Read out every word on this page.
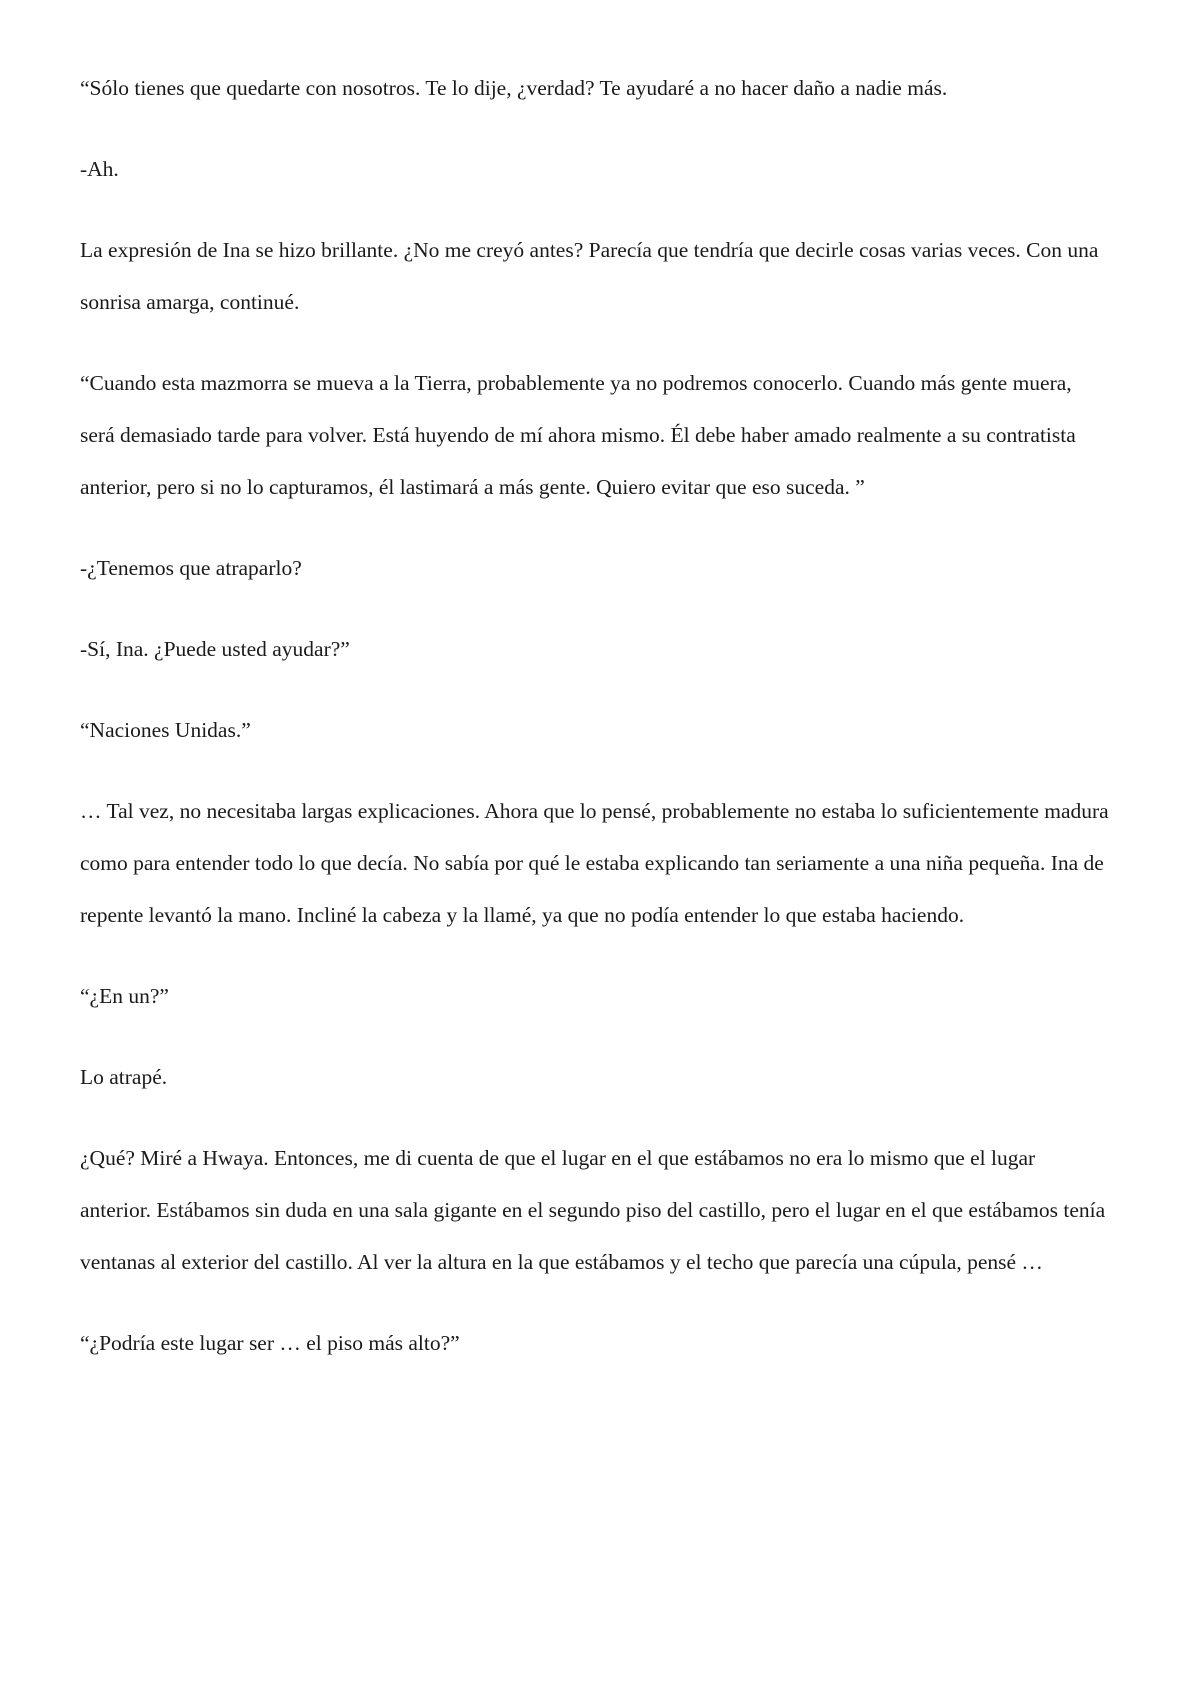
“Sólo tienes que quedarte con nosotros. Te lo dije, ¿verdad? Te ayudaré a no hacer daño a nadie más.

-Ah.

La expresión de Ina se hizo brillante. ¿No me creyó antes? Parecía que tendría que decirle cosas varias veces. Con una sonrisa amarga, continué.

“Cuando esta mazmorra se mueva a la Tierra, probablemente ya no podremos conocerlo. Cuando más gente muera, será demasiado tarde para volver. Está huyendo de mí ahora mismo. Él debe haber amado realmente a su contratista anterior, pero si no lo capturamos, él lastimará a más gente. Quiero evitar que eso suceda. ”

-¿Tenemos que atraparlo?

-Sí, Ina. ¿Puede usted ayudar?”

“Naciones Unidas.”

… Tal vez, no necesitaba largas explicaciones. Ahora que lo pensé, probablemente no estaba lo suficientemente madura como para entender todo lo que decía. No sabía por qué le estaba explicando tan seriamente a una niña pequeña. Ina de repente levantó la mano. Incliné la cabeza y la llamé, ya que no podía entender lo que estaba haciendo.

“¿En un?”

Lo atrapé.

¿Qué? Miré a Hwaya. Entonces, me di cuenta de que el lugar en el que estábamos no era lo mismo que el lugar anterior. Estábamos sin duda en una sala gigante en el segundo piso del castillo, pero el lugar en el que estábamos tenía ventanas al exterior del castillo. Al ver la altura en la que estábamos y el techo que parecía una cúpula, pensé …

“¿Podría este lugar ser … el piso más alto?”
